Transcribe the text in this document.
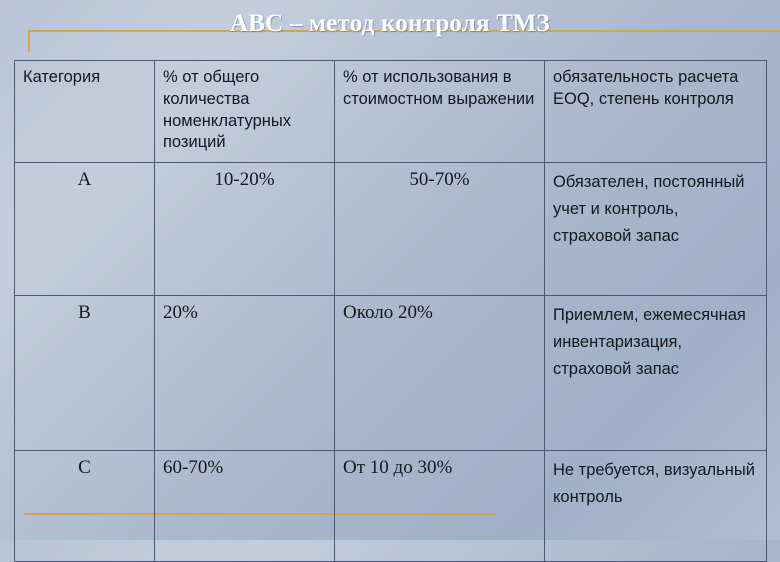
ABC – метод контроля ТМЗ
Категория	% от общего количества номенклатурных позиций	% от использования в стоимостном выражении	обязательность расчета EOQ, степень контроля
A	10-20%	50-70%	Обязателен, постоянный учет и контроль, страховой запас
B	20%	Около 20%	Приемлем, ежемесячная инвентаризация, страховой запас
C	60-70%	От 10 до 30%	Не требуется, визуальный контроль
